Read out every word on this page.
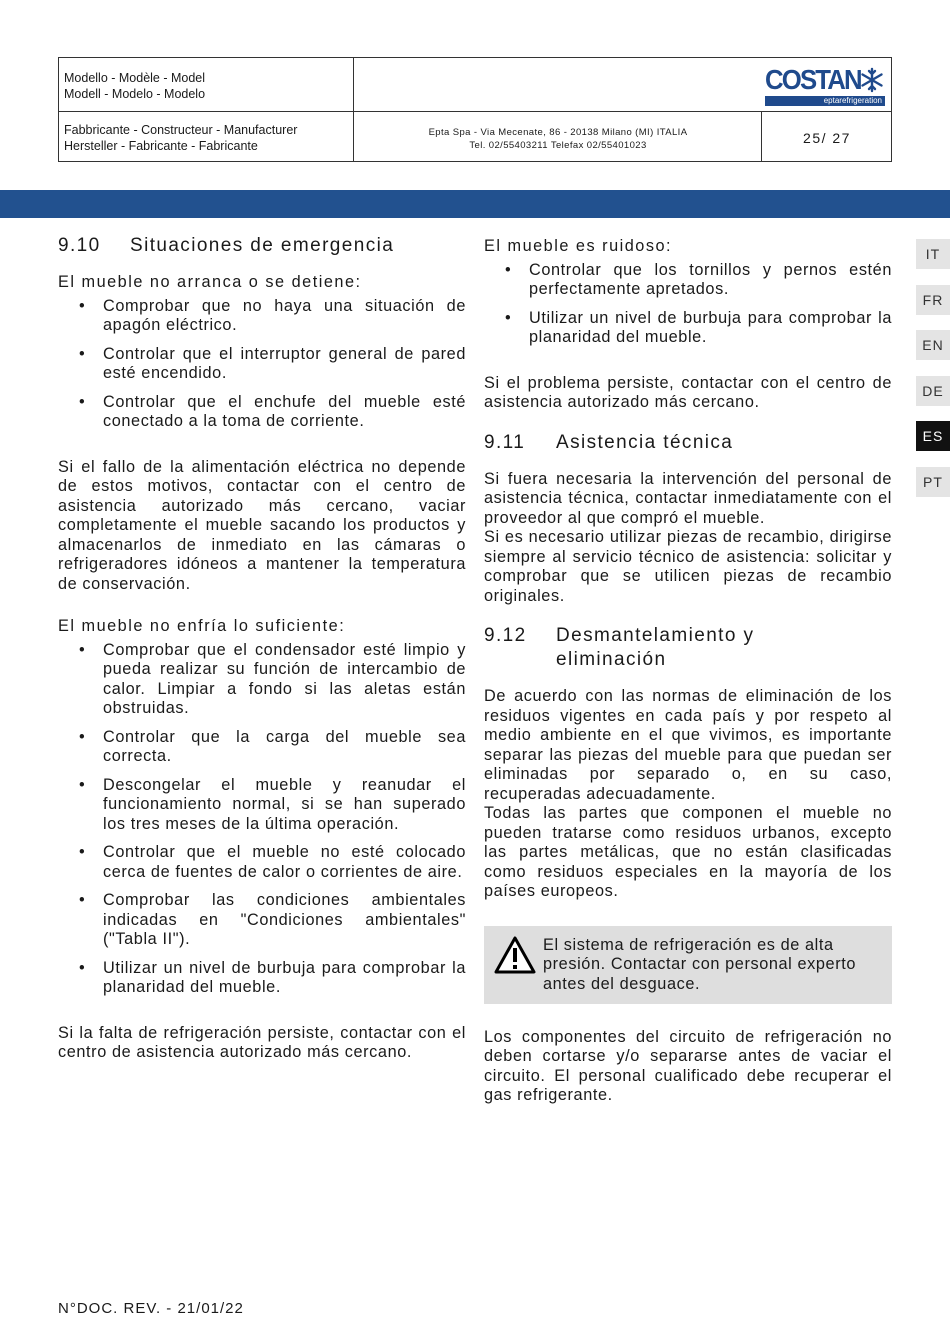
Modello - Modèle - Model
Modell - Modelo - Modelo
Fabbricante - Constructeur - Manufacturer
Hersteller - Fabricante - Fabricante
Epta Spa - Via Mecenate, 86 - 20138 Milano (MI) ITALIA
Tel. 02/55403211 Telefax 02/55401023	25/ 27
COSTAN
eptarefrigeration
IT
FR
EN
DE
ES
PT
9.10	Situaciones de emergencia

El mueble no arranca o se detiene:

• Comprobar que no haya una situación de apagón eléctrico.
• Controlar que el interruptor general de pared esté encendido.
• Controlar que el enchufe del mueble esté conectado a la toma de corriente.

Si el fallo de la alimentación eléctrica no depende de estos motivos, contactar con el centro de asistencia autorizado más cercano, vaciar completamente el mueble sacando los productos y almacenarlos de inmediato en las cámaras o refrigeradores idóneos a mantener la temperatura de conservación.

El mueble no enfría lo suficiente:

• Comprobar que el condensador esté limpio y pueda realizar su función de intercambio de calor. Limpiar a fondo si las aletas están obstruidas.
• Controlar que la carga del mueble sea correcta.
• Descongelar el mueble y reanudar el funcionamiento normal, si se han superado los tres meses de la última operación.
• Controlar que el mueble no esté colocado cerca de fuentes de calor o corrientes de aire.
• Comprobar las condiciones ambientales indicadas en "Condiciones ambientales" ("Tabla II").
• Utilizar un nivel de burbuja para comprobar la planaridad del mueble.

Si la falta de refrigeración persiste, contactar con el centro de asistencia autorizado más cercano.

El mueble es ruidoso:

• Controlar que los tornillos y pernos estén perfectamente apretados.
• Utilizar un nivel de burbuja para comprobar la planaridad del mueble.

Si el problema persiste, contactar con el centro de asistencia autorizado más cercano.

9.11	Asistencia técnica

Si fuera necesaria la intervención del personal de asistencia técnica, contactar inmediatamente con el proveedor al que compró el mueble.

Si es necesario utilizar piezas de recambio, dirigirse siempre al servicio técnico de asistencia: solicitar y comprobar que se utilicen piezas de recambio originales.

9.12	Desmantelamiento y
eliminación

De acuerdo con las normas de eliminación de los residuos vigentes en cada país y por respeto al medio ambiente en el que vivimos, es importante separar las piezas del mueble para que puedan ser eliminadas por separado o, en su caso, recuperadas adecuadamente.

Todas las partes que componen el mueble no pueden tratarse como residuos urbanos, excepto las partes metálicas, que no están clasificadas como residuos especiales en la mayoría de los países europeos.

El sistema de refrigeración es de alta presión. Contactar con personal experto antes del desguace.

Los componentes del circuito de refrigeración no deben cortarse y/o separarse antes de vaciar el circuito. El personal cualificado debe recuperar el gas refrigerante.

N°DOC. REV. - 21/01/22
